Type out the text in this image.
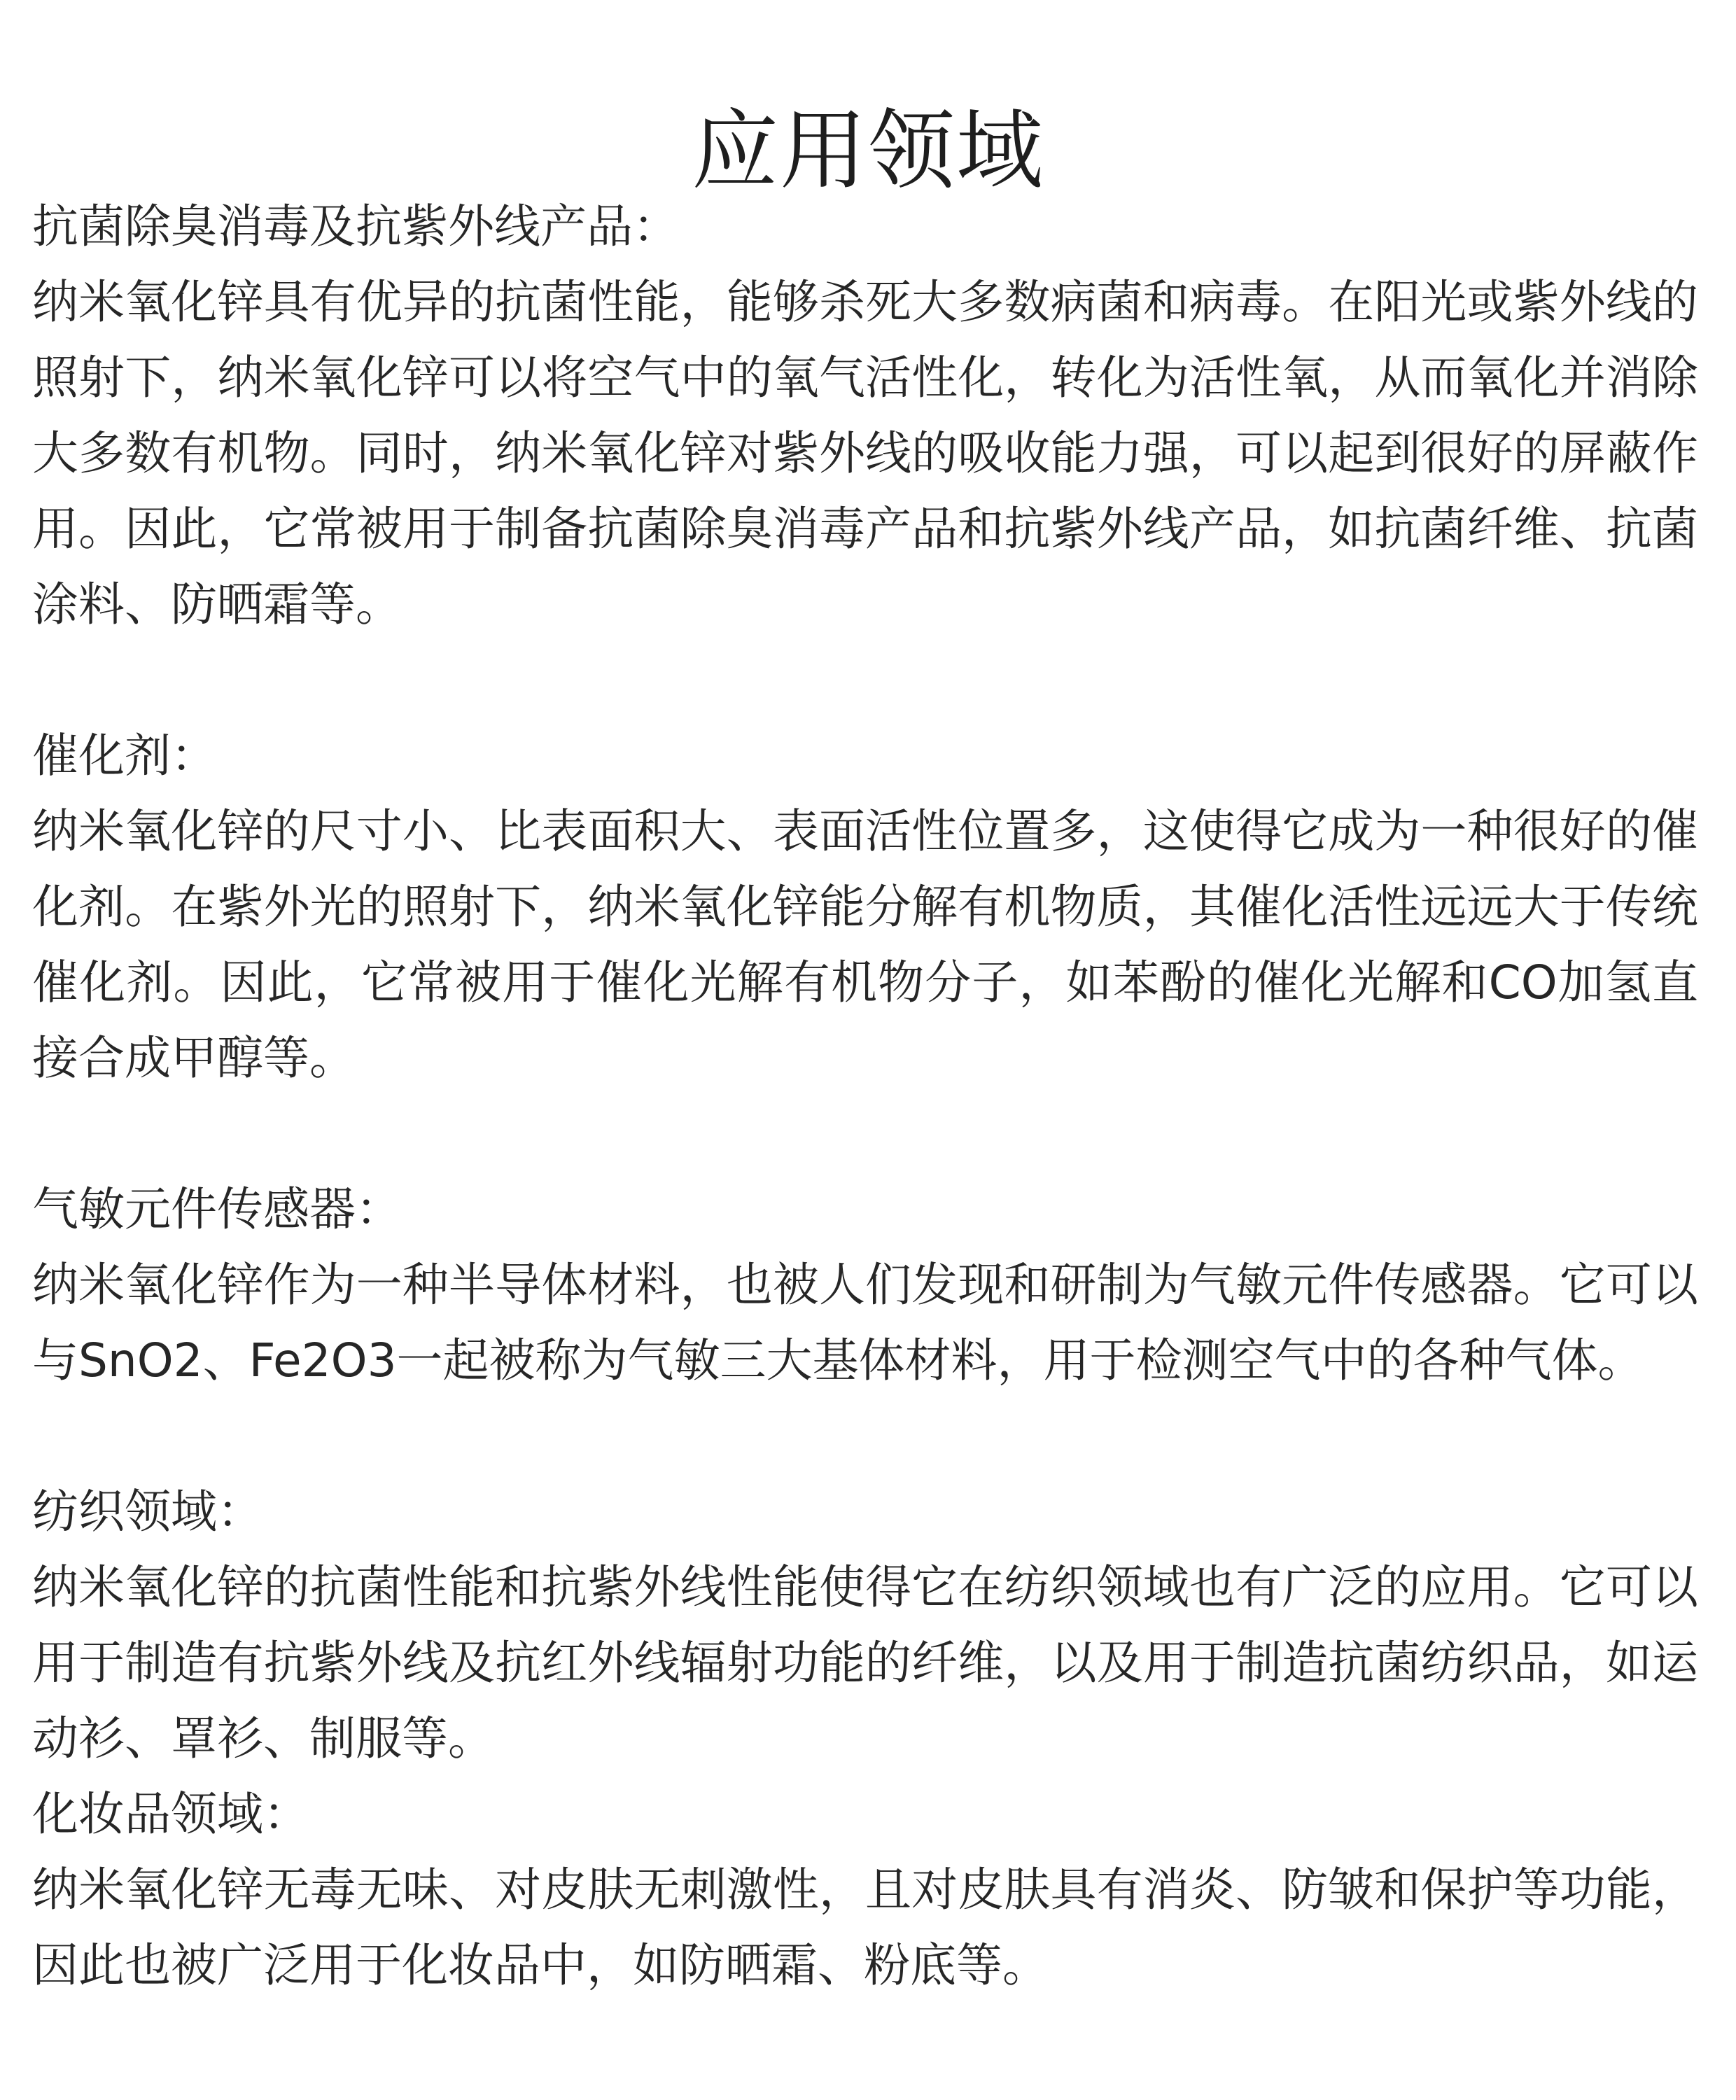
应用领域

抗菌除臭消毒及抗紫外线产品：

纳米氧化锌具有优异的抗菌性能，能够杀死大多数病菌和病毒。在阳光或紫外线的照射下，纳米氧化锌可以将空气中的氧气活性化，转化为活性氧，从而氧化并消除大多数有机物。同时，纳米氧化锌对紫外线的吸收能力强，可以起到很好的屏蔽作用。因此，它常被用于制备抗菌除臭消毒产品和抗紫外线产品，如抗菌纤维、抗菌涂料、防晒霜等。

催化剂：

纳米氧化锌的尺寸小、比表面积大、表面活性位置多，这使得它成为一种很好的催化剂。在紫外光的照射下，纳米氧化锌能分解有机物质，其催化活性远远大于传统催化剂。因此，它常被用于催化光解有机物分子，如苯酚的催化光解和CO加氢直接合成甲醇等。

气敏元件传感器：

纳米氧化锌作为一种半导体材料，也被人们发现和研制为气敏元件传感器。它可以与SnO2、Fe2O3一起被称为气敏三大基体材料，用于检测空气中的各种气体。

纺织领域：

纳米氧化锌的抗菌性能和抗紫外线性能使得它在纺织领域也有广泛的应用。它可以用于制造有抗紫外线及抗红外线辐射功能的纤维，以及用于制造抗菌纺织品，如运动衫、罩衫、制服等。

化妆品领域：

纳米氧化锌无毒无味、对皮肤无刺激性，且对皮肤具有消炎、防皱和保护等功能，因此也被广泛用于化妆品中，如防晒霜、粉底等。
